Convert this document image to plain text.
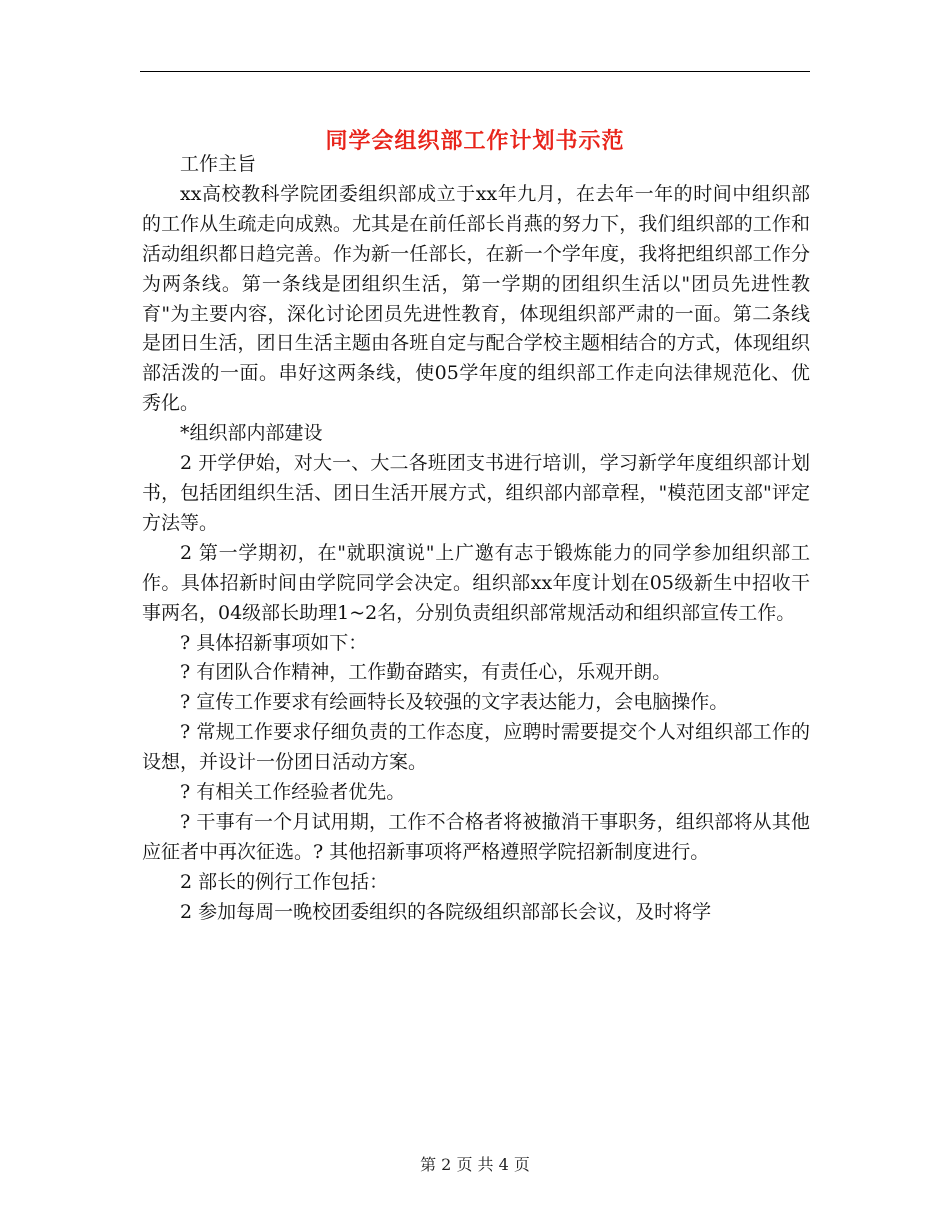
同学会组织部工作计划书示范

工作主旨

xx高校教科学院团委组织部成立于xx年九月，在去年一年的时间中组织部的工作从生疏走向成熟。尤其是在前任部长肖燕的努力下，我们组织部的工作和活动组织都日趋完善。作为新一任部长，在新一个学年度，我将把组织部工作分为两条线。第一条线是团组织生活，第一学期的团组织生活以"团员先进性教育"为主要内容，深化讨论团员先进性教育，体现组织部严肃的一面。第二条线是团日生活，团日生活主题由各班自定与配合学校主题相结合的方式，体现组织部活泼的一面。串好这两条线，使05学年度的组织部工作走向法律规范化、优秀化。

*组织部内部建设

2 开学伊始，对大一、大二各班团支书进行培训，学习新学年度组织部计划书，包括团组织生活、团日生活开展方式，组织部内部章程，"模范团支部"评定方法等。

2 第一学期初，在"就职演说"上广邀有志于锻炼能力的同学参加组织部工作。具体招新时间由学院同学会决定。组织部xx年度计划在05级新生中招收干事两名，04级部长助理1~2名，分别负责组织部常规活动和组织部宣传工作。

? 具体招新事项如下：

? 有团队合作精神，工作勤奋踏实，有责任心，乐观开朗。

? 宣传工作要求有绘画特长及较强的文字表达能力，会电脑操作。

? 常规工作要求仔细负责的工作态度，应聘时需要提交个人对组织部工作的设想，并设计一份团日活动方案。

? 有相关工作经验者优先。

? 干事有一个月试用期，工作不合格者将被撤消干事职务，组织部将从其他应征者中再次征选。? 其他招新事项将严格遵照学院招新制度进行。

2 部长的例行工作包括：

2 参加每周一晚校团委组织的各院级组织部部长会议，及时将学

第 2 页 共 4 页
